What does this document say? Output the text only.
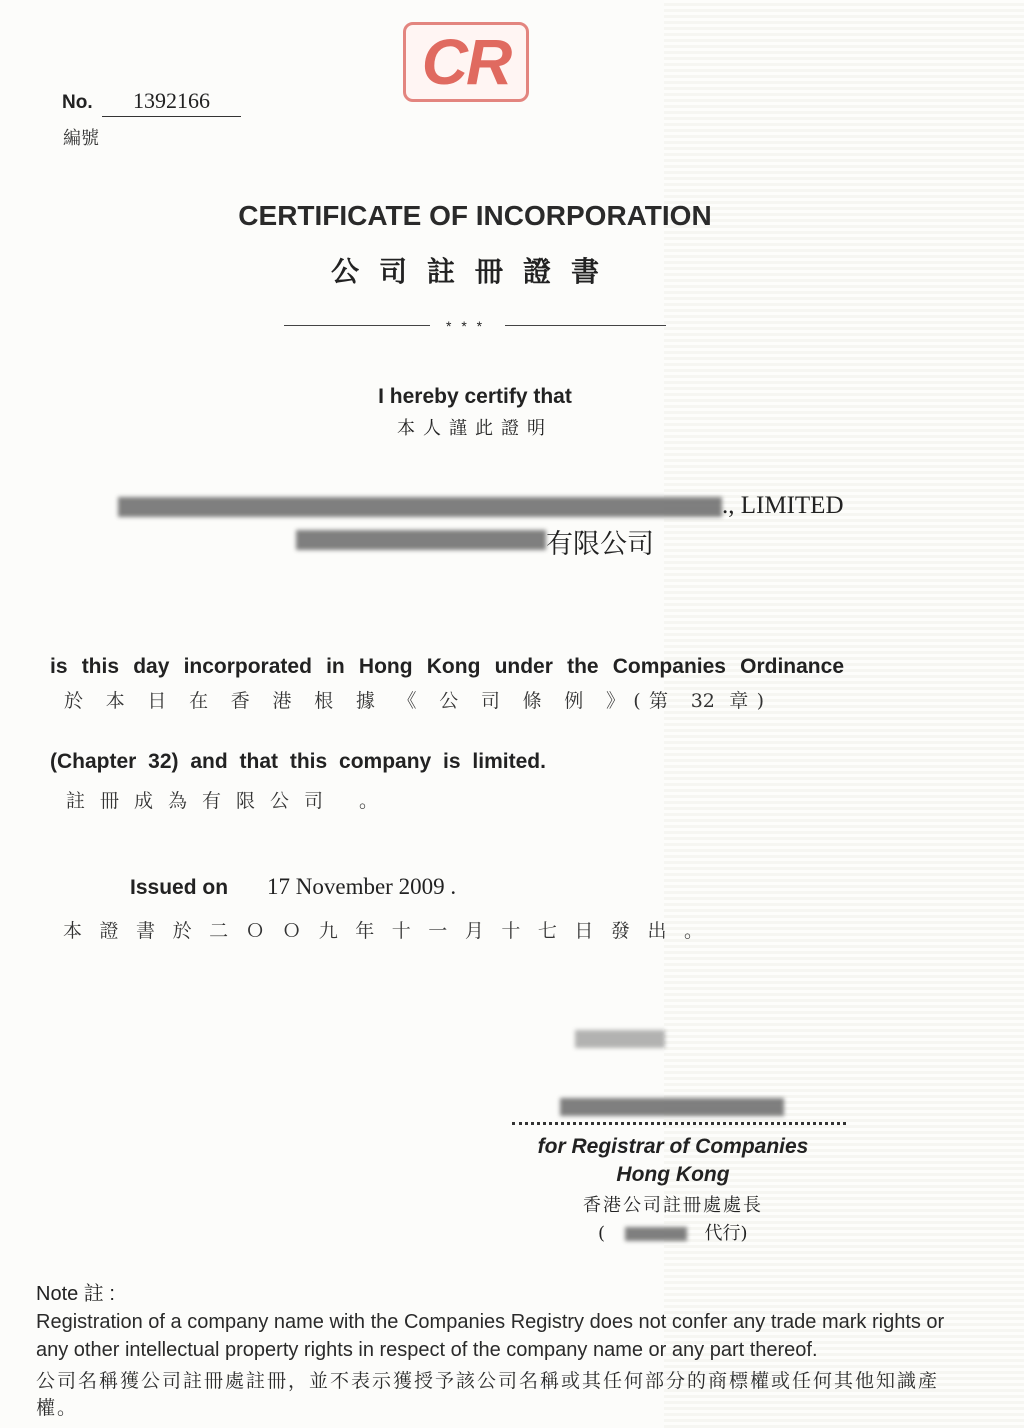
CR
No.	1392166
編號
CERTIFICATE OF INCORPORATION
公司註冊證書
* * *
I hereby certify that
本人謹此證明
., LIMITED
有限公司
is this day incorporated in Hong Kong under the Companies Ordinance
於 本 日 在 香 港 根 據 《 公 司 條 例 》(第 32 章)
(Chapter 32) and that this company is limited.
註冊成為有限公司 。
Issued on 17 November 2009 .
本 證 書 於 二 Ｏ Ｏ 九 年 十 一 月 十 七 日 發 出 。
for Registrar of Companies
Hong Kong
香港公司註冊處處長
(	代行)
Note 註 :
Registration of a company name with the Companies Registry does not confer any trade mark rights or any other intellectual property rights in respect of the company name or any part thereof.
公司名稱獲公司註冊處註冊，並不表示獲授予該公司名稱或其任何部分的商標權或任何其他知識產權。
